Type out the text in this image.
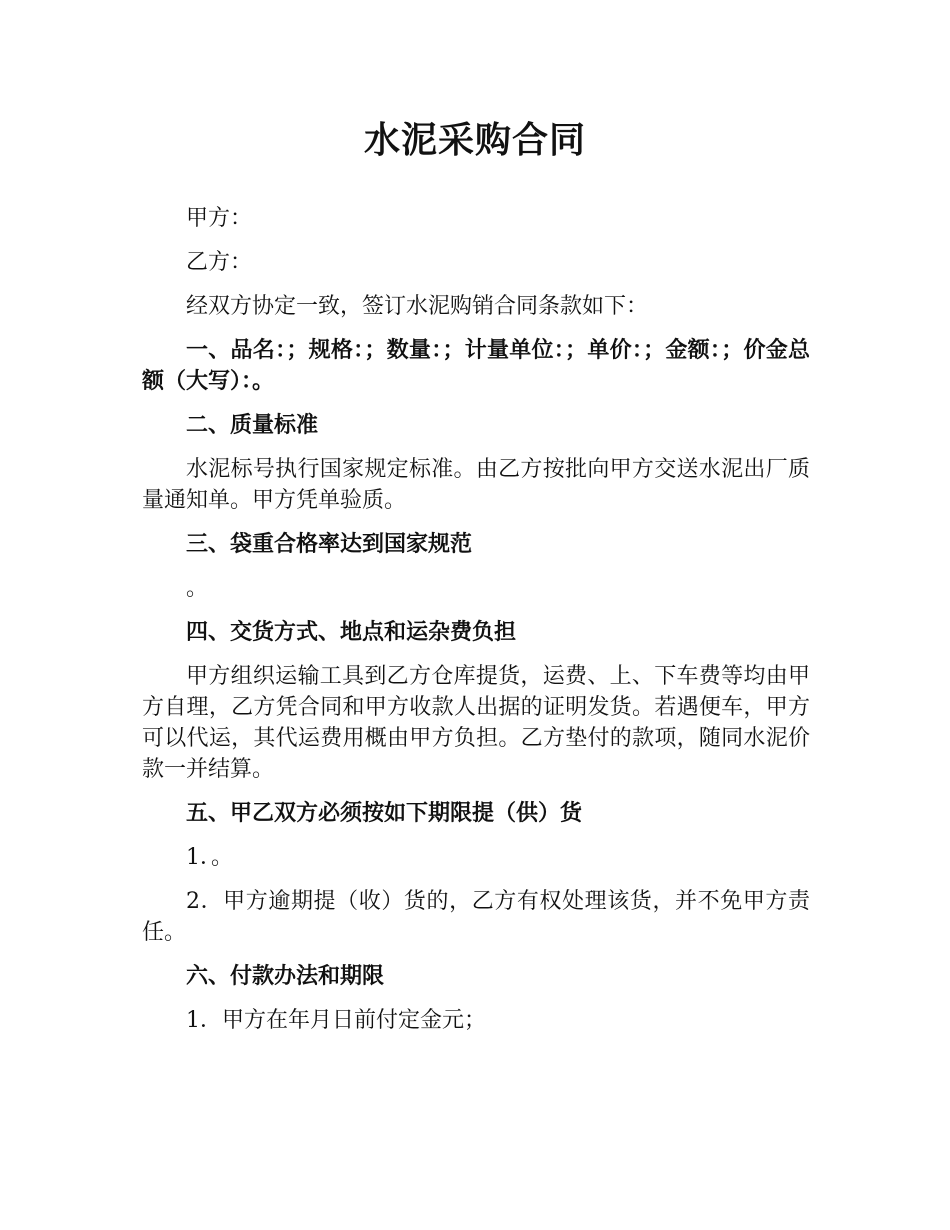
水泥采购合同

甲方：

乙方：

经双方协定一致，签订水泥购销合同条款如下：

一、品名：；规格：；数量：；计量单位：；单价：；金额：；价金总额（大写）：。

二、质量标准

水泥标号执行国家规定标准。由乙方按批向甲方交送水泥出厂质量通知单。甲方凭单验质。

三、袋重合格率达到国家规范

。

四、交货方式、地点和运杂费负担

甲方组织运输工具到乙方仓库提货，运费、上、下车费等均由甲方自理，乙方凭合同和甲方收款人出据的证明发货。若遇便车，甲方可以代运，其代运费用概由甲方负担。乙方垫付的款项，随同水泥价款一并结算。

五、甲乙双方必须按如下期限提（供）货

1．。

2．甲方逾期提（收）货的，乙方有权处理该货，并不免甲方责任。

六、付款办法和期限

1．甲方在年月日前付定金元；
